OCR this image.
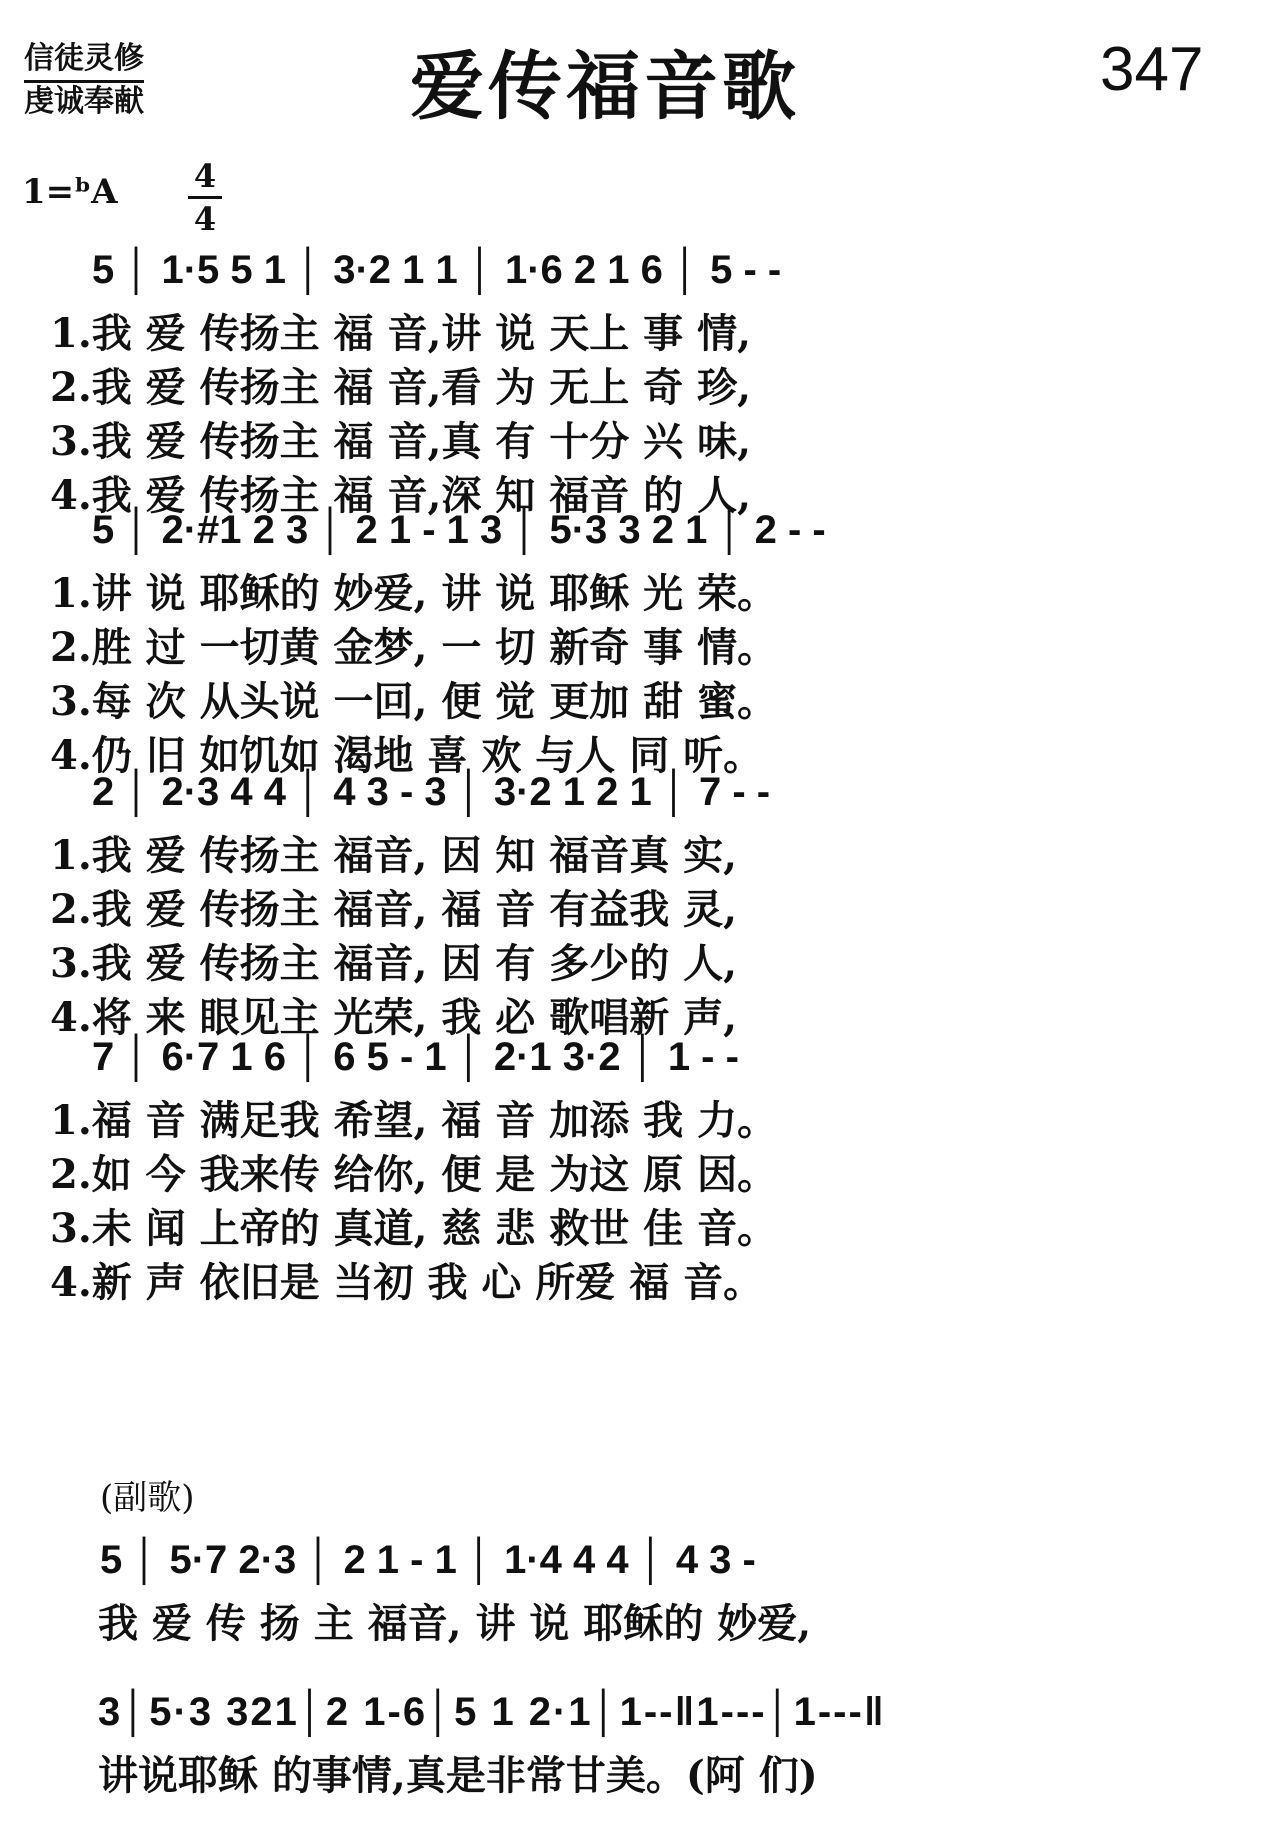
信徒灵修
虔诚奉献	爱传福音歌	347
1=ᵇA 4
4
5 │ 1·5 5 1 │ 3·2 1 1 │ 1·6 2 1 6 │ 5 - -
1.我 爱 传扬主 福 音,讲 说 天上 事 情,
2.我 爱 传扬主 福 音,看 为 无上 奇 珍,
3.我 爱 传扬主 福 音,真 有 十分 兴 味,
4.我 爱 传扬主 福 音,深 知 福音 的 人,
5 │ 2·#1 2 3 │ 2 1 - 1 3 │ 5·3 3 2 1 │ 2 - -
1.讲 说 耶稣的 妙爱, 讲 说 耶稣 光 荣。
2.胜 过 一切黄 金梦, 一 切 新奇 事 情。
3.每 次 从头说 一回, 便 觉 更加 甜 蜜。
4.仍 旧 如饥如 渴地 喜 欢 与人 同 听。
2 │ 2·3 4 4 │ 4 3 - 3 │ 3·2 1 2 1 │ 7 - -
1.我 爱 传扬主 福音, 因 知 福音真 实,
2.我 爱 传扬主 福音, 福 音 有益我 灵,
3.我 爱 传扬主 福音, 因 有 多少的 人,
4.将 来 眼见主 光荣, 我 必 歌唱新 声,
7 │ 6·7 1 6 │ 6 5 - 1 │ 2·1 3·2 │ 1 - -
1.福 音 满足我 希望, 福 音 加添 我 力。
2.如 今 我来传 给你, 便 是 为这 原 因。
3.未 闻 上帝的 真道, 慈 悲 救世 佳 音。
4.新 声 依旧是 当初 我 心 所爱 福 音。
(副歌)
5 │ 5·7 2·3 │ 2 1 - 1 │ 1·4 4 4 │ 4 3 -
我 爱 传 扬 主 福音, 讲 说 耶稣的 妙爱,
3│5·3 321│2 1-6│5 1 2·1│1--‖1---│1---‖
讲说耶稣 的事情,真是非常甘美。(阿 们)
